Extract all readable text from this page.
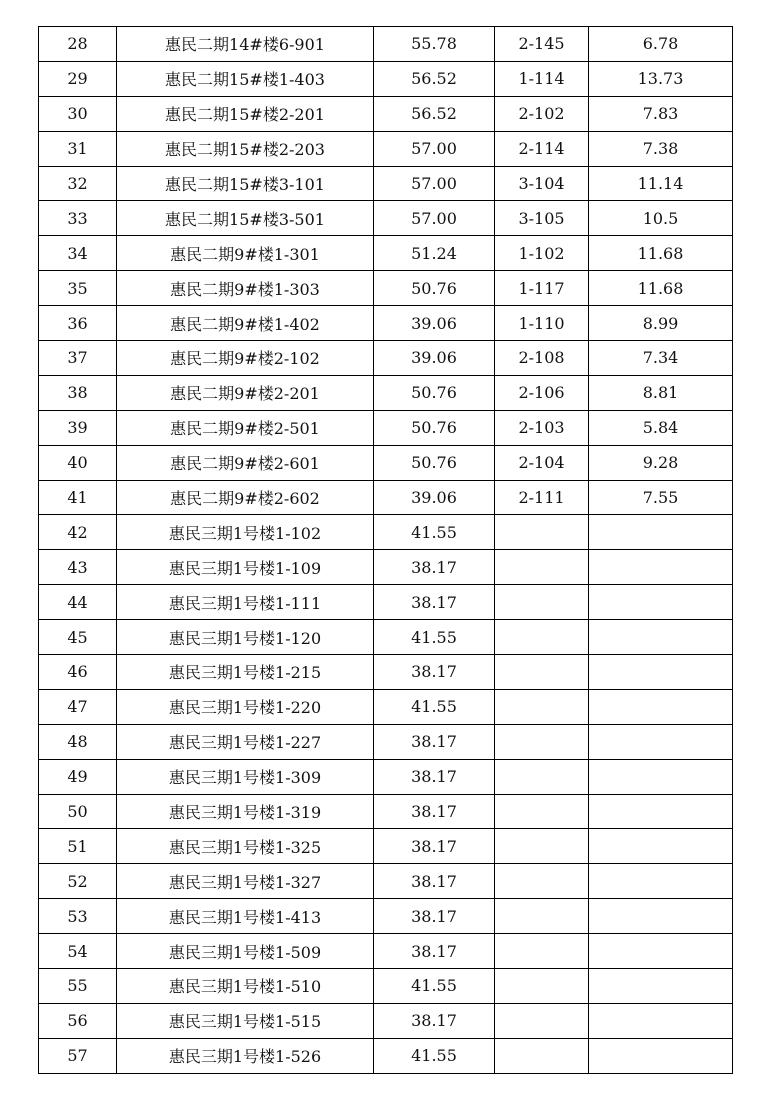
28	惠民二期14#楼6-901	55.78	2-145	6.78
29	惠民二期15#楼1-403	56.52	1-114	13.73
30	惠民二期15#楼2-201	56.52	2-102	7.83
31	惠民二期15#楼2-203	57.00	2-114	7.38
32	惠民二期15#楼3-101	57.00	3-104	11.14
33	惠民二期15#楼3-501	57.00	3-105	10.5
34	惠民二期9#楼1-301	51.24	1-102	11.68
35	惠民二期9#楼1-303	50.76	1-117	11.68
36	惠民二期9#楼1-402	39.06	1-110	8.99
37	惠民二期9#楼2-102	39.06	2-108	7.34
38	惠民二期9#楼2-201	50.76	2-106	8.81
39	惠民二期9#楼2-501	50.76	2-103	5.84
40	惠民二期9#楼2-601	50.76	2-104	9.28
41	惠民二期9#楼2-602	39.06	2-111	7.55
42	惠民三期1号楼1-102	41.55		
43	惠民三期1号楼1-109	38.17		
44	惠民三期1号楼1-111	38.17		
45	惠民三期1号楼1-120	41.55		
46	惠民三期1号楼1-215	38.17		
47	惠民三期1号楼1-220	41.55		
48	惠民三期1号楼1-227	38.17		
49	惠民三期1号楼1-309	38.17		
50	惠民三期1号楼1-319	38.17		
51	惠民三期1号楼1-325	38.17		
52	惠民三期1号楼1-327	38.17		
53	惠民三期1号楼1-413	38.17		
54	惠民三期1号楼1-509	38.17		
55	惠民三期1号楼1-510	41.55		
56	惠民三期1号楼1-515	38.17		
57	惠民三期1号楼1-526	41.55		
